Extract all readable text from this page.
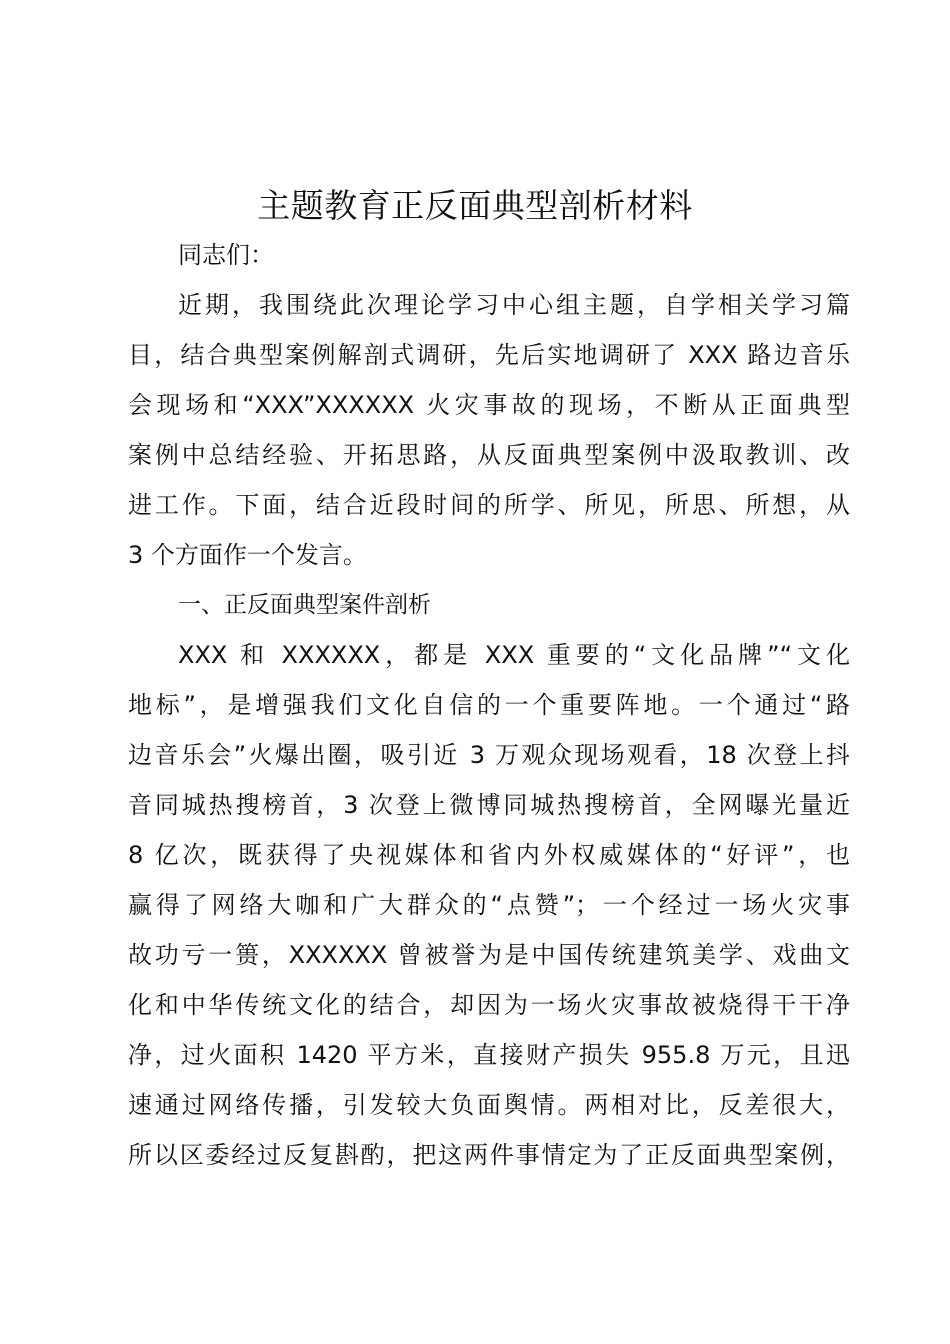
主题教育正反面典型剖析材料
同志们：
近期，我围绕此次理论学习中心组主题，自学相关学习篇
目，结合典型案例解剖式调研，先后实地调研了 XXX 路边音乐
会现场和“XXX”XXXXXX 火灾事故的现场，不断从正面典型
案例中总结经验、开拓思路，从反面典型案例中汲取教训、改
进工作。下面，结合近段时间的所学、所见，所思、所想，从
3 个方面作一个发言。
一、正反面典型案件剖析
XXX 和 XXXXXX，都是 XXX 重要的“文化品牌”“文化
地标”，是增强我们文化自信的一个重要阵地。一个通过“路
边音乐会”火爆出圈，吸引近 3 万观众现场观看，18 次登上抖
音同城热搜榜首，3 次登上微博同城热搜榜首，全网曝光量近
8 亿次，既获得了央视媒体和省内外权威媒体的“好评”，也
赢得了网络大咖和广大群众的“点赞”；一个经过一场火灾事
故功亏一篑，XXXXXX 曾被誉为是中国传统建筑美学、戏曲文
化和中华传统文化的结合，却因为一场火灾事故被烧得干干净
净，过火面积 1420 平方米，直接财产损失 955.8 万元，且迅
速通过网络传播，引发较大负面舆情。两相对比，反差很大，
所以区委经过反复斟酌，把这两件事情定为了正反面典型案例，
